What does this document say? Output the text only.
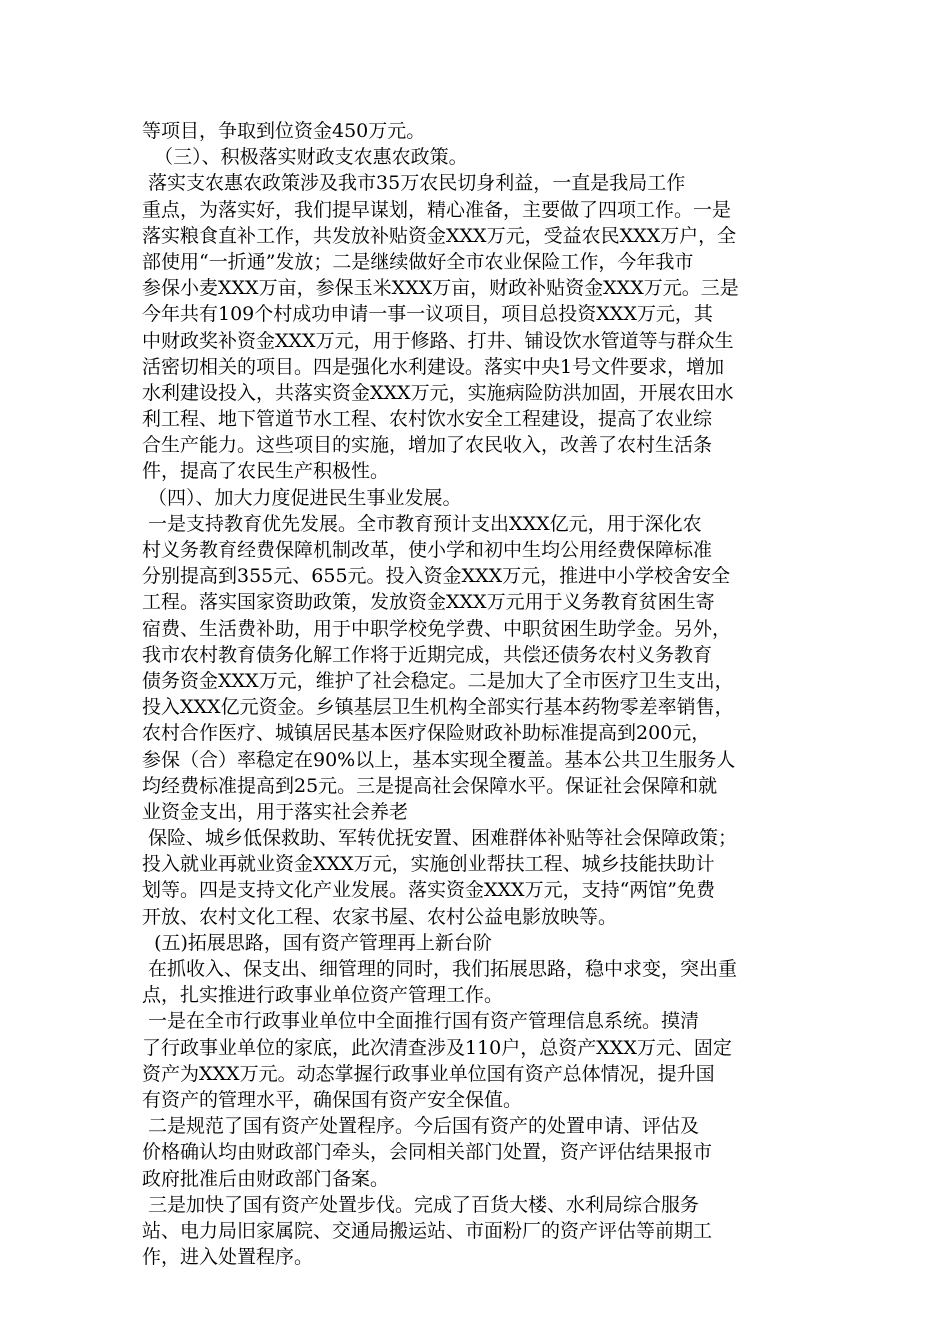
等项目，争取到位资金450万元。
（三）、积极落实财政支农惠农政策。
落实支农惠农政策涉及我市35万农民切身利益，一直是我局工作
重点，为落实好，我们提早谋划，精心准备，主要做了四项工作。一是
落实粮食直补工作，共发放补贴资金XXX万元，受益农民XXX万户，全
部使用“一折通”发放；二是继续做好全市农业保险工作，今年我市
参保小麦XXX万亩，参保玉米XXX万亩，财政补贴资金XXX万元。三是
今年共有109个村成功申请一事一议项目，项目总投资XXX万元，其
中财政奖补资金XXX万元，用于修路、打井、铺设饮水管道等与群众生
活密切相关的项目。四是强化水利建设。落实中央1号文件要求，增加
水利建设投入，共落实资金XXX万元，实施病险防洪加固，开展农田水
利工程、地下管道节水工程、农村饮水安全工程建设，提高了农业综
合生产能力。这些项目的实施，增加了农民收入，改善了农村生活条
件，提高了农民生产积极性。
（四）、加大力度促进民生事业发展。
一是支持教育优先发展。全市教育预计支出XXX亿元，用于深化农
村义务教育经费保障机制改革，使小学和初中生均公用经费保障标准
分别提高到355元、655元。投入资金XXX万元，推进中小学校舍安全
工程。落实国家资助政策，发放资金XXX万元用于义务教育贫困生寄
宿费、生活费补助，用于中职学校免学费、中职贫困生助学金。另外，
我市农村教育债务化解工作将于近期完成，共偿还债务农村义务教育
债务资金XXX万元，维护了社会稳定。二是加大了全市医疗卫生支出，
投入XXX亿元资金。乡镇基层卫生机构全部实行基本药物零差率销售，
农村合作医疗、城镇居民基本医疗保险财政补助标准提高到200元，
参保（合）率稳定在90%以上，基本实现全覆盖。基本公共卫生服务人
均经费标准提高到25元。三是提高社会保障水平。保证社会保障和就
业资金支出，用于落实社会养老
保险、城乡低保救助、军转优抚安置、困难群体补贴等社会保障政策；
投入就业再就业资金XXX万元，实施创业帮扶工程、城乡技能扶助计
划等。四是支持文化产业发展。落实资金XXX万元，支持“两馆”免费
开放、农村文化工程、农家书屋、农村公益电影放映等。
(五)拓展思路，国有资产管理再上新台阶
在抓收入、保支出、细管理的同时，我们拓展思路，稳中求变，突出重
点，扎实推进行政事业单位资产管理工作。
一是在全市行政事业单位中全面推行国有资产管理信息系统。摸清
了行政事业单位的家底，此次清查涉及110户，总资产XXX万元、固定
资产为XXX万元。动态掌握行政事业单位国有资产总体情况，提升国
有资产的管理水平，确保国有资产安全保值。
二是规范了国有资产处置程序。今后国有资产的处置申请、评估及
价格确认均由财政部门牵头，会同相关部门处置，资产评估结果报市
政府批准后由财政部门备案。
三是加快了国有资产处置步伐。完成了百货大楼、水利局综合服务
站、电力局旧家属院、交通局搬运站、市面粉厂的资产评估等前期工
作，进入处置程序。
